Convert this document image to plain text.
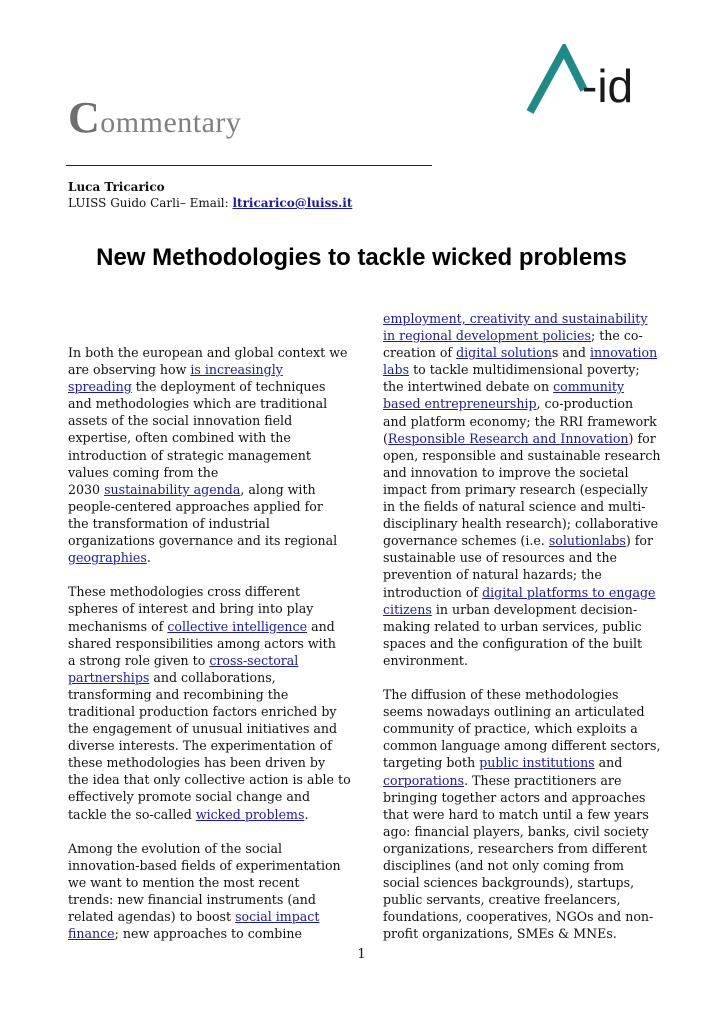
Commentary
-id
Luca Tricarico
LUISS Guido Carli– Email: ltricarico@luiss.it
New Methodologies to tackle wicked problems
In both the european and global context we
are observing how is increasingly
spreading the deployment of techniques
and methodologies which are traditional
assets of the social innovation field
expertise, often combined with the
introduction of strategic management
values coming from the
2030 sustainability agenda, along with
people-centered approaches applied for
the transformation of industrial
organizations governance and its regional
geographies.
These methodologies cross different
spheres of interest and bring into play
mechanisms of collective intelligence and
shared responsibilities among actors with
a strong role given to cross-sectoral
partnerships and collaborations,
transforming and recombining the
traditional production factors enriched by
the engagement of unusual initiatives and
diverse interests. The experimentation of
these methodologies has been driven by
the idea that only collective action is able to
effectively promote social change and
tackle the so-called wicked problems.
Among the evolution of the social
innovation-based fields of experimentation
we want to mention the most recent
trends: new financial instruments (and
related agendas) to boost social impact
finance; new approaches to combine
employment, creativity and sustainability
in regional development policies; the co-
creation of digital solutions and innovation
labs to tackle multidimensional poverty;
the intertwined debate on community
based entrepreneurship, co-production
and platform economy; the RRI framework
(Responsible Research and Innovation) for
open, responsible and sustainable research
and innovation to improve the societal
impact from primary research (especially
in the fields of natural science and multi-
disciplinary health research); collaborative
governance schemes (i.e. solutionlabs) for
sustainable use of resources and the
prevention of natural hazards; the
introduction of digital platforms to engage
citizens in urban development decision-
making related to urban services, public
spaces and the configuration of the built
environment.
The diffusion of these methodologies
seems nowadays outlining an articulated
community of practice, which exploits a
common language among different sectors,
targeting both public institutions and
corporations. These practitioners are
bringing together actors and approaches
that were hard to match until a few years
ago: financial players, banks, civil society
organizations, researchers from different
disciplines (and not only coming from
social sciences backgrounds), startups,
public servants, creative freelancers,
foundations, cooperatives, NGOs and non-
profit organizations, SMEs & MNEs.
1
